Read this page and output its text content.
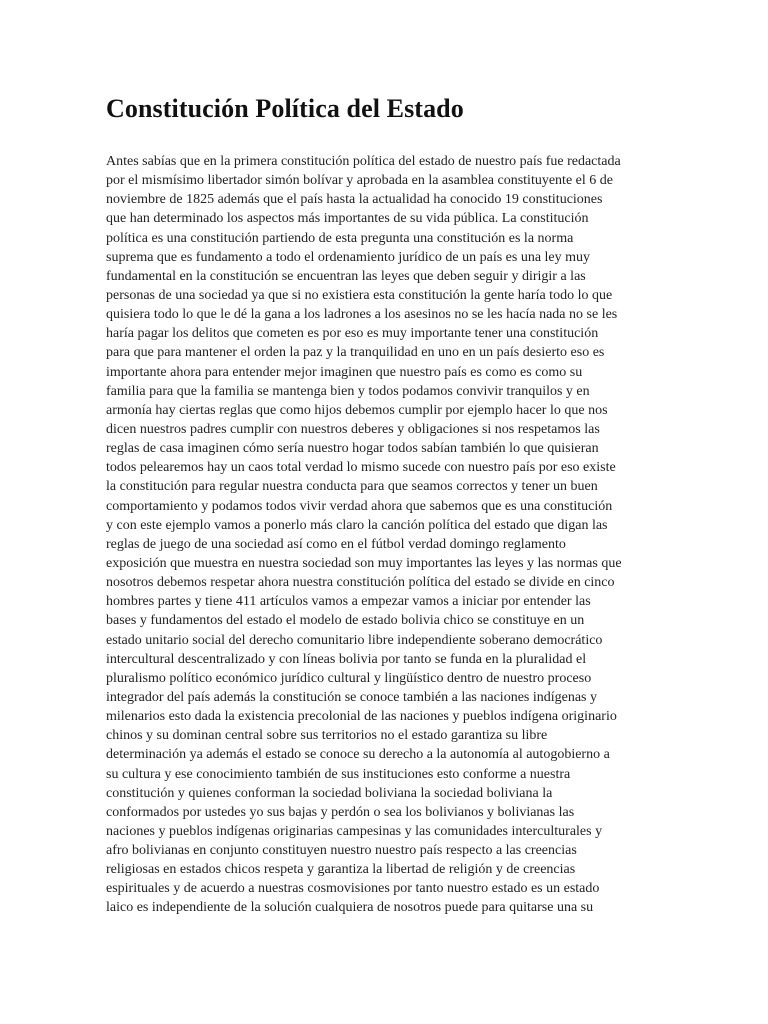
Constitución Política del Estado
Antes sabías que en la primera constitución política del estado de nuestro país fue redactada
por el mismísimo libertador simón bolívar y aprobada en la asamblea constituyente el 6 de
noviembre de 1825 además que el país hasta la actualidad ha conocido 19 constituciones
que han determinado los aspectos más importantes de su vida pública. La constitución
política es una constitución partiendo de esta pregunta una constitución es la norma
suprema que es fundamento a todo el ordenamiento jurídico de un país es una ley muy
fundamental en la constitución se encuentran las leyes que deben seguir y dirigir a las
personas de una sociedad ya que si no existiera esta constitución la gente haría todo lo que
quisiera todo lo que le dé la gana a los ladrones a los asesinos no se les hacía nada no se les
haría pagar los delitos que cometen es por eso es muy importante tener una constitución
para que para mantener el orden la paz y la tranquilidad en uno en un país desierto eso es
importante ahora para entender mejor imaginen que nuestro país es como es como su
familia para que la familia se mantenga bien y todos podamos convivir tranquilos y en
armonía hay ciertas reglas que como hijos debemos cumplir por ejemplo hacer lo que nos
dicen nuestros padres cumplir con nuestros deberes y obligaciones si nos respetamos las
reglas de casa imaginen cómo sería nuestro hogar todos sabían también lo que quisieran
todos pelearemos hay un caos total verdad lo mismo sucede con nuestro país por eso existe
la constitución para regular nuestra conducta para que seamos correctos y tener un buen
comportamiento y podamos todos vivir verdad ahora que sabemos que es una constitución
y con este ejemplo vamos a ponerlo más claro la canción política del estado que digan las
reglas de juego de una sociedad así como en el fútbol verdad domingo reglamento
exposición que muestra en nuestra sociedad son muy importantes las leyes y las normas que
nosotros debemos respetar ahora nuestra constitución política del estado se divide en cinco
hombres partes y tiene 411 artículos vamos a empezar vamos a iniciar por entender las
bases y fundamentos del estado el modelo de estado bolivia chico se constituye en un
estado unitario social del derecho comunitario libre independiente soberano democrático
intercultural descentralizado y con líneas bolivia por tanto se funda en la pluralidad el
pluralismo político económico jurídico cultural y lingüístico dentro de nuestro proceso
integrador del país además la constitución se conoce también a las naciones indígenas y
milenarios esto dada la existencia precolonial de las naciones y pueblos indígena originario
chinos y su dominan central sobre sus territorios no el estado garantiza su libre
determinación ya además el estado se conoce su derecho a la autonomía al autogobierno a
su cultura y ese conocimiento también de sus instituciones esto conforme a nuestra
constitución y quienes conforman la sociedad boliviana la sociedad boliviana la
conformados por ustedes yo sus bajas y perdón o sea los bolivianos y bolivianas las
naciones y pueblos indígenas originarias campesinas y las comunidades interculturales y
afro bolivianas en conjunto constituyen nuestro nuestro país respecto a las creencias
religiosas en estados chicos respeta y garantiza la libertad de religión y de creencias
espirituales y de acuerdo a nuestras cosmovisiones por tanto nuestro estado es un estado
laico es independiente de la solución cualquiera de nosotros puede para quitarse una su
